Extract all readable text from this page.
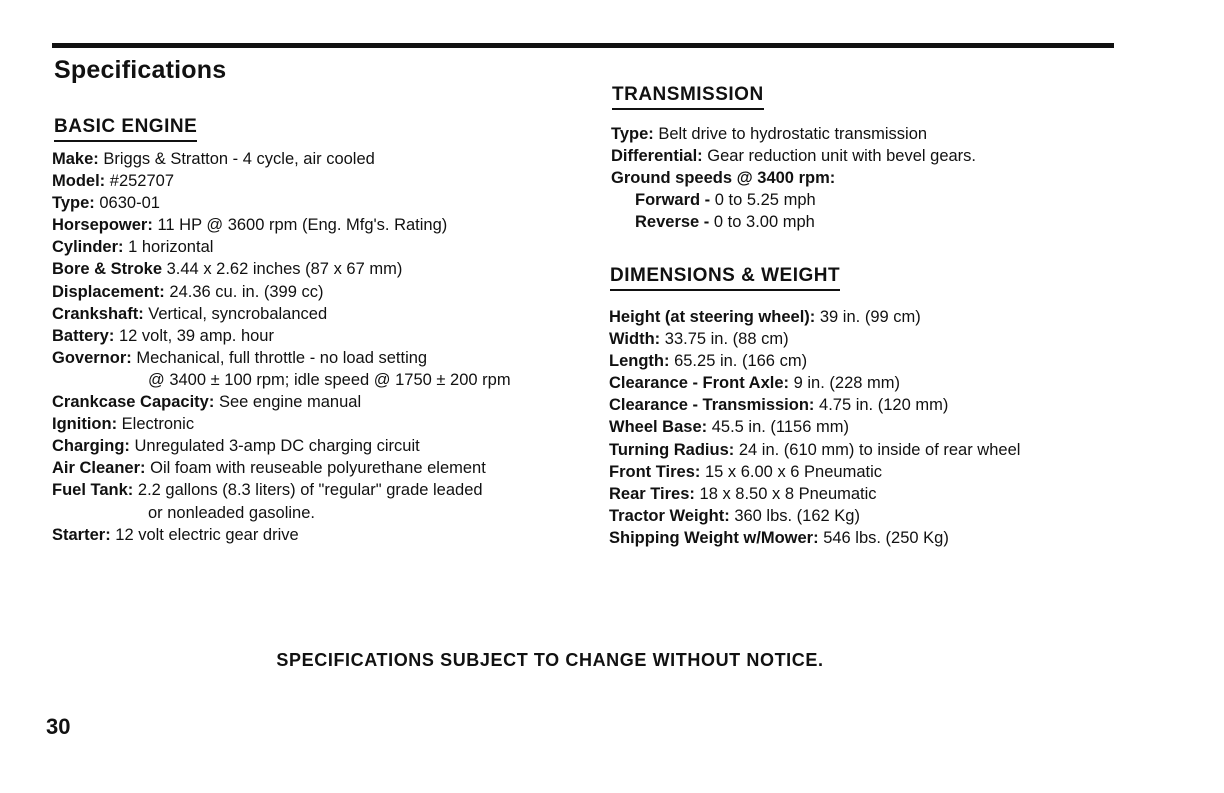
Specifications
BASIC ENGINE
Make: Briggs & Stratton - 4 cycle, air cooled
Model: #252707
Type: 0630-01
Horsepower: 11 HP @ 3600 rpm (Eng. Mfg's. Rating)
Cylinder: 1 horizontal
Bore & Stroke 3.44 x 2.62 inches (87 x 67 mm)
Displacement: 24.36 cu. in. (399 cc)
Crankshaft: Vertical, syncrobalanced
Battery: 12 volt, 39 amp. hour
Governor: Mechanical, full throttle - no load setting
@ 3400 ± 100 rpm; idle speed @ 1750 ± 200 rpm
Crankcase Capacity: See engine manual
Ignition: Electronic
Charging: Unregulated 3-amp DC charging circuit
Air Cleaner: Oil foam with reuseable polyurethane element
Fuel Tank: 2.2 gallons (8.3 liters) of "regular" grade leaded
or nonleaded gasoline.
Starter: 12 volt electric gear drive
TRANSMISSION
Type: Belt drive to hydrostatic transmission
Differential: Gear reduction unit with bevel gears.
Ground speeds @ 3400 rpm:
Forward - 0 to 5.25 mph
Reverse - 0 to 3.00 mph
DIMENSIONS & WEIGHT
Height (at steering wheel): 39 in. (99 cm)
Width: 33.75 in. (88 cm)
Length: 65.25 in. (166 cm)
Clearance - Front Axle: 9 in. (228 mm)
Clearance - Transmission: 4.75 in. (120 mm)
Wheel Base: 45.5 in. (1156 mm)
Turning Radius: 24 in. (610 mm) to inside of rear wheel
Front Tires: 15 x 6.00 x 6 Pneumatic
Rear Tires: 18 x 8.50 x 8 Pneumatic
Tractor Weight: 360 lbs. (162 Kg)
Shipping Weight w/Mower: 546 lbs. (250 Kg)

SPECIFICATIONS SUBJECT TO CHANGE WITHOUT NOTICE.

30
